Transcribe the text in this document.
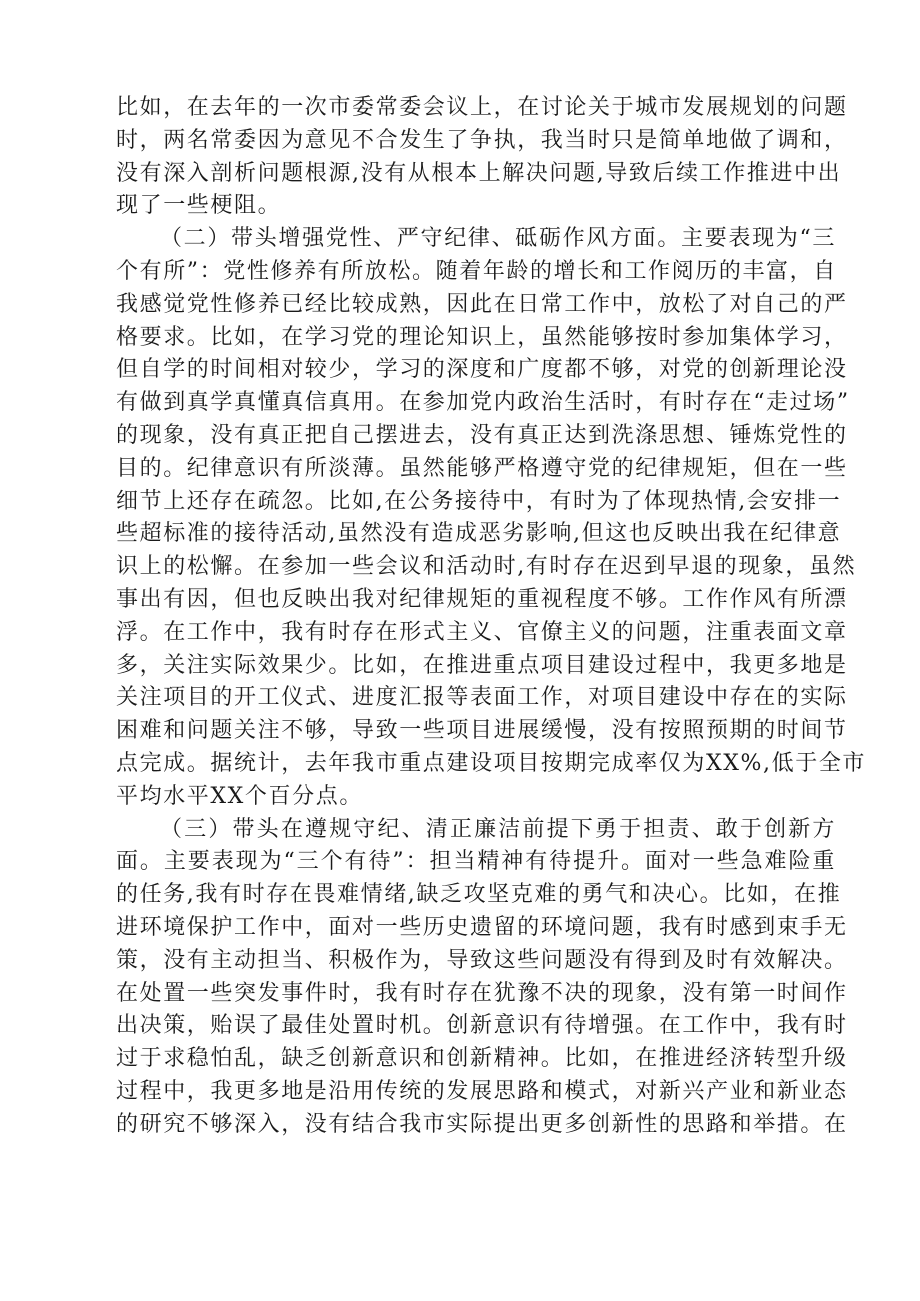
比如，在去年的一次市委常委会议上，在讨论关于城市发展规划的问题
时，两名常委因为意见不合发生了争执，我当时只是简单地做了调和，
没有深入剖析问题根源,没有从根本上解决问题,导致后续工作推进中出
现了一些梗阻。
（二）带头增强党性、严守纪律、砥砺作风方面。主要表现为“三
个有所”：党性修养有所放松。随着年龄的增长和工作阅历的丰富，自
我感觉党性修养已经比较成熟，因此在日常工作中，放松了对自己的严
格要求。比如，在学习党的理论知识上，虽然能够按时参加集体学习，
但自学的时间相对较少，学习的深度和广度都不够，对党的创新理论没
有做到真学真懂真信真用。在参加党内政治生活时，有时存在“走过场”
的现象，没有真正把自己摆进去，没有真正达到洗涤思想、锤炼党性的
目的。纪律意识有所淡薄。虽然能够严格遵守党的纪律规矩，但在一些
细节上还存在疏忽。比如,在公务接待中，有时为了体现热情,会安排一
些超标准的接待活动,虽然没有造成恶劣影响,但这也反映出我在纪律意
识上的松懈。在参加一些会议和活动时,有时存在迟到早退的现象，虽然
事出有因，但也反映出我对纪律规矩的重视程度不够。工作作风有所漂
浮。在工作中，我有时存在形式主义、官僚主义的问题，注重表面文章
多，关注实际效果少。比如，在推进重点项目建设过程中，我更多地是
关注项目的开工仪式、进度汇报等表面工作，对项目建设中存在的实际
困难和问题关注不够，导致一些项目进展缓慢，没有按照预期的时间节
点完成。据统计，去年我市重点建设项目按期完成率仅为XX%,低于全市
平均水平XX个百分点。
（三）带头在遵规守纪、清正廉洁前提下勇于担责、敢于创新方
面。主要表现为“三个有待”：担当精神有待提升。面对一些急难险重
的任务,我有时存在畏难情绪,缺乏攻坚克难的勇气和决心。比如，在推
进环境保护工作中，面对一些历史遗留的环境问题，我有时感到束手无
策，没有主动担当、积极作为，导致这些问题没有得到及时有效解决。
在处置一些突发事件时，我有时存在犹豫不决的现象，没有第一时间作
出决策，贻误了最佳处置时机。创新意识有待增强。在工作中，我有时
过于求稳怕乱，缺乏创新意识和创新精神。比如，在推进经济转型升级
过程中，我更多地是沿用传统的发展思路和模式，对新兴产业和新业态
的研究不够深入，没有结合我市实际提出更多创新性的思路和举措。在
